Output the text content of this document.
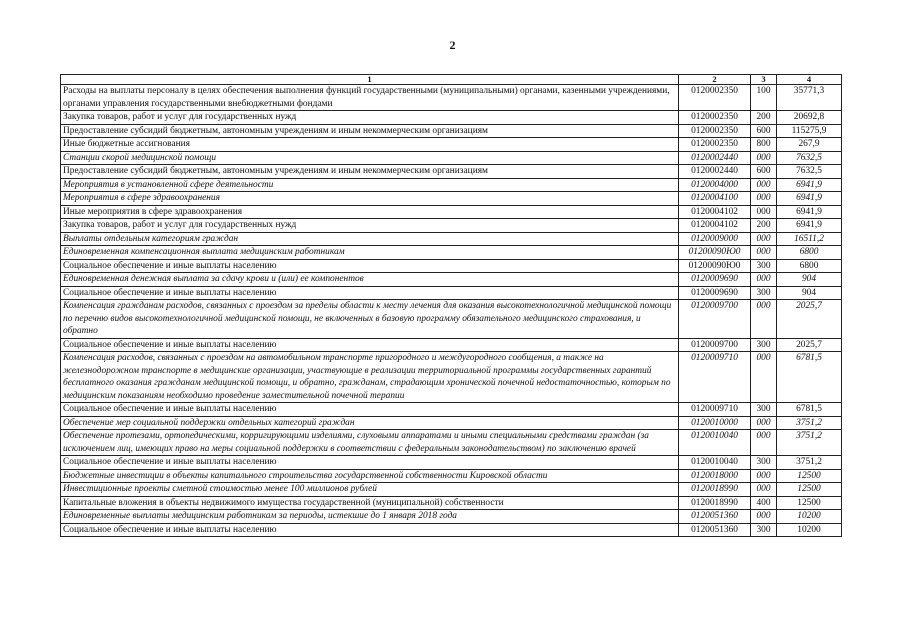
2
1	2	3	4
Расходы на выплаты персоналу в целях обеспечения выполнения функций государственными (муниципальными) органами, казенными учреждениями, органами управления государственными внебюджетными фондами	0120002350	100	35771,3
Закупка товаров, работ и услуг для государственных нужд	0120002350	200	20692,8
Предоставление субсидий бюджетным, автономным учреждениям и иным некоммерческим организациям	0120002350	600	115275,9
Иные бюджетные ассигнования	0120002350	800	267,9
Станции скорой медицинской помощи	0120002440	000	7632,5
Предоставление субсидий бюджетным, автономным учреждениям и иным некоммерческим организациям	0120002440	600	7632,5
Мероприятия в установленной сфере деятельности	0120004000	000	6941,9
Мероприятия в сфере здравоохранения	0120004100	000	6941,9
Иные мероприятия в сфере здравоохранения	0120004102	000	6941,9
Закупка товаров, работ и услуг для государственных нужд	0120004102	200	6941,9
Выплаты отдельным категориям граждан	0120009000	000	16511,2
Единовременная компенсационная выплата медицинским работникам	01200090Ю0	000	6800
Социальное обеспечение и иные выплаты населению	01200090Ю0	300	6800
Единовременная денежная выплата за сдачу крови и (или) ее компонентов	0120009690	000	904
Социальное обеспечение и иные выплаты населению	0120009690	300	904
Компенсация гражданам расходов, связанных с проездом за пределы области к месту лечения для оказания высокотехнологичной медицинской помощи по перечню видов высокотехнологичной медицинской помощи, не включенных в базовую программу обязательного медицинского страхования, и обратно	0120009700	000	2025,7
Социальное обеспечение и иные выплаты населению	0120009700	300	2025,7
Компенсация расходов, связанных с проездом на автомобильном транспорте пригородного и междугородного сообщения, а также на железнодорожном транспорте в медицинские организации, участвующие в реализации территориальной программы государственных гарантий бесплатного оказания гражданам медицинской помощи, и обратно, гражданам, страдающим хронической почечной недостаточностью, которым по медицинским показаниям необходимо проведение заместительной почечной терапии	0120009710	000	6781,5
Социальное обеспечение и иные выплаты населению	0120009710	300	6781,5
Обеспечение мер социальной поддержки отдельных категорий граждан	0120010000	000	3751,2
Обеспечение протезами, ортопедическими, корригирующими изделиями, слуховыми аппаратами и иными специальными средствами граждан (за исключением лиц, имеющих право на меры социальной поддержки в соответствии с федеральным законодательством) по заключению врачей	0120010040	000	3751,2
Социальное обеспечение и иные выплаты населению	0120010040	300	3751,2
Бюджетные инвестиции в объекты капитального строительства государственной собственности Кировской области	0120018000	000	12500
Инвестиционные проекты сметной стоимостью менее 100 миллионов рублей	0120018990	000	12500
Капитальные вложения в объекты недвижимого имущества государственной (муниципальной) собственности	0120018990	400	12500
Единовременные выплаты медицинским работникам за периоды, истекшие до 1 января 2018 года	0120051360	000	10200
Социальное обеспечение и иные выплаты населению	0120051360	300	10200
